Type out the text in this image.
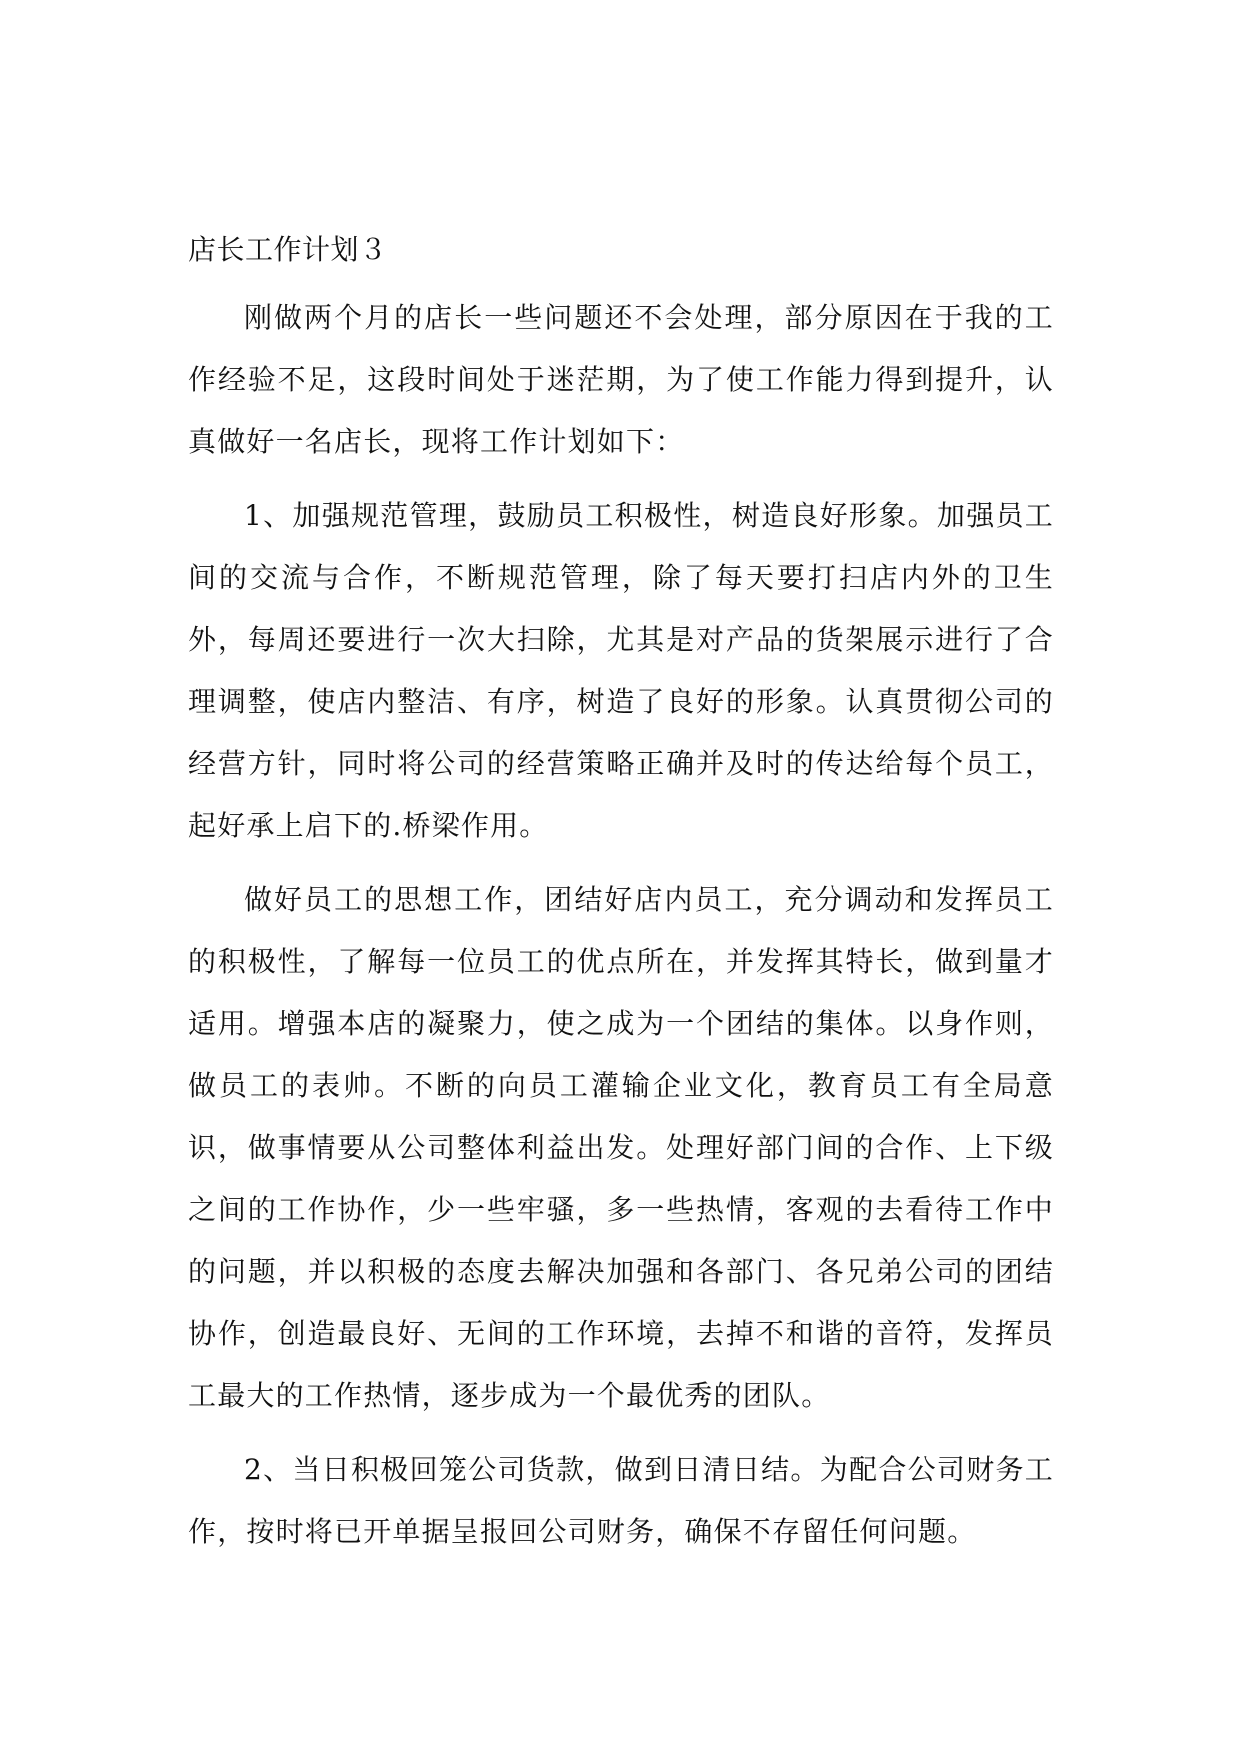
店长工作计划３

刚做两个月的店长一些问题还不会处理，部分原因在于我的工作经验不足，这段时间处于迷茫期，为了使工作能力得到提升，认真做好一名店长，现将工作计划如下：

1、加强规范管理，鼓励员工积极性，树造良好形象。加强员工间的交流与合作，不断规范管理，除了每天要打扫店内外的卫生外，每周还要进行一次大扫除，尤其是对产品的货架展示进行了合理调整，使店内整洁、有序，树造了良好的形象。认真贯彻公司的经营方针，同时将公司的经营策略正确并及时的传达给每个员工，起好承上启下的.桥梁作用。

做好员工的思想工作，团结好店内员工，充分调动和发挥员工的积极性，了解每一位员工的优点所在，并发挥其特长，做到量才适用。增强本店的凝聚力，使之成为一个团结的集体。以身作则，做员工的表帅。不断的向员工灌输企业文化，教育员工有全局意识，做事情要从公司整体利益出发。处理好部门间的合作、上下级之间的工作协作，少一些牢骚，多一些热情，客观的去看待工作中的问题，并以积极的态度去解决加强和各部门、各兄弟公司的团结协作，创造最良好、无间的工作环境，去掉不和谐的音符，发挥员工最大的工作热情，逐步成为一个最优秀的团队。

2、当日积极回笼公司货款，做到日清日结。为配合公司财务工作，按时将已开单据呈报回公司财务，确保不存留任何问题。
